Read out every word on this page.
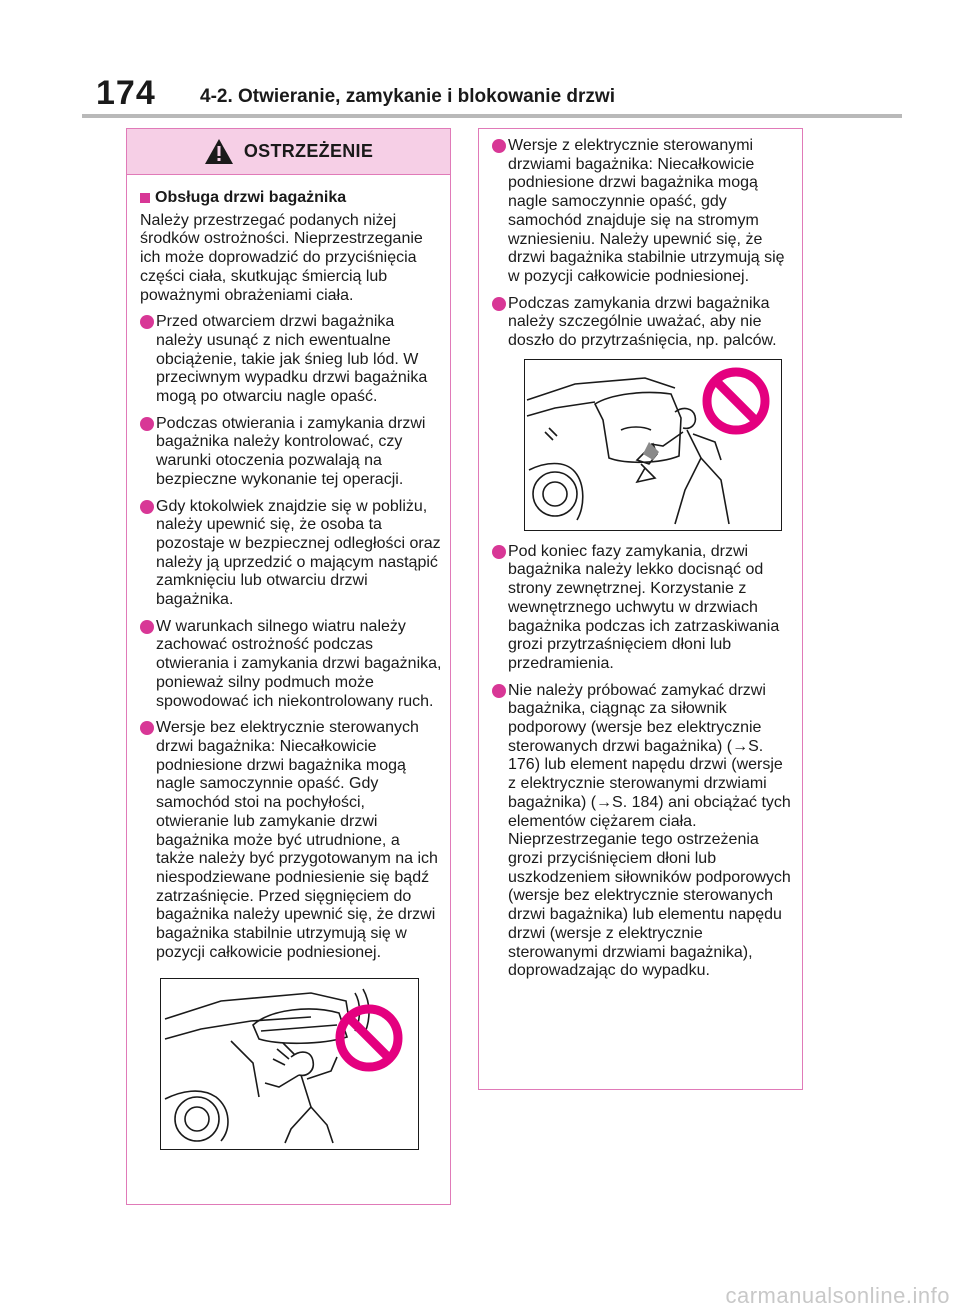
174 4-2. Otwieranie, zamykanie i blokowanie drzwi
OSTRZEŻENIE
Obsługa drzwi bagażnika

Należy przestrzegać podanych niżej środków ostrożności. Nieprzestrzeganie ich może doprowadzić do przyciśnięcia części ciała, skutkując śmiercią lub poważnymi obrażeniami ciała.

Przed otwarciem drzwi bagażnika należy usunąć z nich ewentualne obciążenie, takie jak śnieg lub lód. W przeciwnym wypadku drzwi bagażnika mogą po otwarciu nagle opaść.
Podczas otwierania i zamykania drzwi bagażnika należy kontrolować, czy warunki otoczenia pozwalają na bezpieczne wykonanie tej operacji.
Gdy ktokolwiek znajdzie się w pobliżu, należy upewnić się, że osoba ta pozostaje w bezpiecznej odległości oraz należy ją uprzedzić o mającym nastąpić zamknięciu lub otwarciu drzwi bagażnika.
W warunkach silnego wiatru należy zachować ostrożność podczas otwierania i zamykania drzwi bagażnika, ponieważ silny podmuch może spowodować ich niekontrolowany ruch.
Wersje bez elektrycznie sterowanych drzwi bagażnika: Niecałkowicie podniesione drzwi bagażnika mogą nagle samoczynnie opaść. Gdy samochód stoi na pochyłości, otwieranie lub zamykanie drzwi bagażnika może być utrudnione, a także należy być przygotowanym na ich niespodziewane podniesienie się bądź zatrzaśnięcie. Przed sięgnięciem do bagażnika należy upewnić się, że drzwi bagażnika stabilnie utrzymują się w pozycji całkowicie podniesionej.
Wersje z elektrycznie sterowanymi drzwiami bagażnika: Niecałkowicie podniesione drzwi bagażnika mogą nagle samoczynnie opaść, gdy samochód znajduje się na stromym wzniesieniu. Należy upewnić się, że drzwi bagażnika stabilnie utrzymują się w pozycji całkowicie podniesionej.
Podczas zamykania drzwi bagażnika należy szczególnie uważać, aby nie doszło do przytrzaśnięcia, np. palców.
Pod koniec fazy zamykania, drzwi bagażnika należy lekko docisnąć od strony zewnętrznej. Korzystanie z wewnętrznego uchwytu w drzwiach bagażnika podczas ich zatrzaskiwania grozi przytrzaśnięciem dłoni lub przedramienia.
Nie należy próbować zamykać drzwi bagażnika, ciągnąc za siłownik podporowy (wersje bez elektrycznie sterowanych drzwi bagażnika) (→S. 176) lub element napędu drzwi (wersje z elektrycznie sterowanymi drzwiami bagażnika) (→S. 184) ani obciążać tych elementów ciężarem ciała. Nieprzestrzeganie tego ostrzeżenia grozi przyciśnięciem dłoni lub uszkodzeniem siłowników podporowych (wersje bez elektrycznie sterowanych drzwi bagażnika) lub elementu napędu drzwi (wersje z elektrycznie sterowanymi drzwiami bagażnika), doprowadzając do wypadku.
carmanualsonline.info
